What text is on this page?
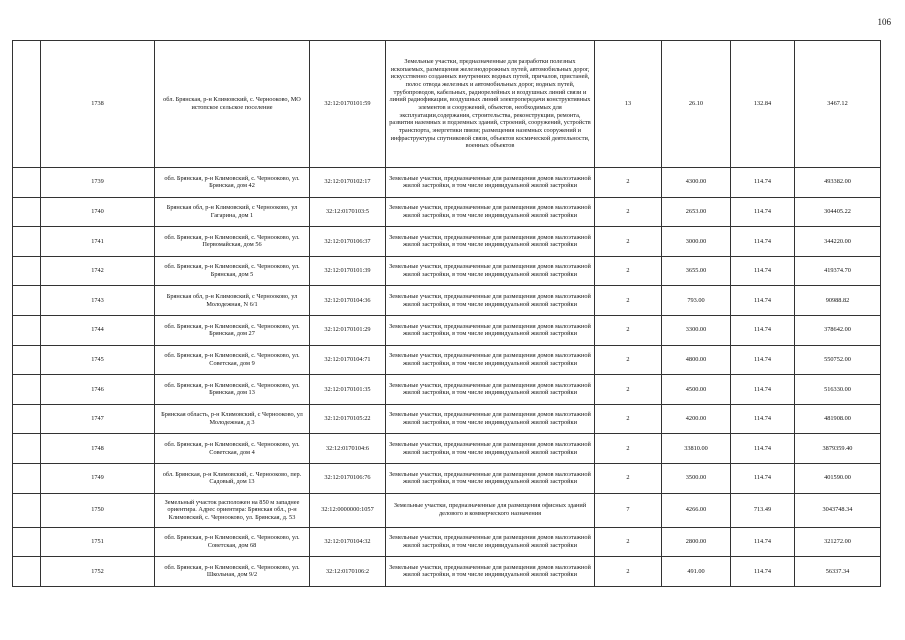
106
	1738	обл. Брянская, р-н Климовский, с. Чернооково, МО истопское сельское поселение	32:12:0170101:59	Земельные участки, предназначенные для разработки полезных ископаемых, размещения железнодорожных путей, автомобильных дорог, искусственно созданных внутренних водных путей, причалов, пристаней, полос отвода железных и автомобильных дорог, водных путей, трубопроводов, кабельных, радиорелейных и воздушных линий связи и линий радиофикации, воздушных линий электропередачи конструктивных элементов и сооружений, объектов, необходимых для эксплуатации,содержания, строительства, реконструкции, ремонта, развития наземных и подземных зданий, строений, сооружений, устройств транспорта, энергетики пвязи; размещения наземных сооружений и инфраструктуры спутниковой связи, объектов космической деятельности, военных объектов	13	26.10	132.84	3467.12
	1739	обл. Брянская, р-н Климовский, с. Чернооково, ул. Брянская, дом 42	32:12:0170102:17	Земельные участки, предназначенные для размещения домов малоэтажной жилой застройки, в том числе индивидуальной жилой застройки	2	4300.00	114.74	493382.00
	1740	Брянская обл, р-н Климовский, с Чернооково, ул Гагарина, дом 1	32:12:0170103:5	Земельные участки, предназначенные для размещения домов малоэтажной жилой застройки, в том числе индивидуальной жилой застройки	2	2653.00	114.74	304405.22
	1741	обл. Брянская, р-н Климовский, с. Чернооково, ул. Первомайская, дом 56	32:12:0170106:37	Земельные участки, предназначенные для размещения домов малоэтажной жилой застройки, в том числе индивидуальной жилой застройки	2	3000.00	114.74	344220.00
	1742	обл. Брянская, р-н Климовский, с. Чернооково, ул. Брянская, дом 5	32:12:0170101:39	Земельные участки, предназначенные для размещения домов малоэтажной жилой застройки, в том числе индивидуальной жилой застройки	2	3655.00	114.74	419374.70
	1743	Брянская обл, р-н Климовский, с Чернооково, ул Молодежная, N 6/1	32:12:0170104:36	Земельные участки, предназначенные для размещения домов малоэтажной жилой застройки, в том числе индивидуальной жилой застройки	2	793.00	114.74	90988.82
	1744	обл. Брянская, р-н Климовский, с. Чернооково, ул. Брянская, дом 27	32:12:0170101:29	Земельные участки, предназначенные для размещения домов малоэтажной жилой застройки, в том числе индивидуальной жилой застройки	2	3300.00	114.74	378642.00
	1745	обл. Брянская, р-н Климовский, с. Чернооково, ул. Советская, дом 9	32:12:0170104:71	Земельные участки, предназначенные для размещения домов малоэтажной жилой застройки, в том числе индивидуальной жилой застройки	2	4800.00	114.74	550752.00
	1746	обл. Брянская, р-н Климовский, с. Чернооково, ул. Брянская, дом 13	32:12:0170101:35	Земельные участки, предназначенные для размещения домов малоэтажной жилой застройки, в том числе индивидуальной жилой застройки	2	4500.00	114.74	516330.00
	1747	Брянская область, р-н Климовский, с Чернооково, ул Молодежная, д 3	32:12:0170105:22	Земельные участки, предназначенные для размещения домов малоэтажной жилой застройки, в том числе индивидуальной жилой застройки	2	4200.00	114.74	481908.00
	1748	обл. Брянская, р-н Климовский, с. Чернооково, ул. Советская, дом 4	32:12:0170104:6	Земельные участки, предназначенные для размещения домов малоэтажной жилой застройки, в том числе индивидуальной жилой застройки	2	33810.00	114.74	3879359.40
	1749	обл. Брянская, р-н Климовский, с. Чернооково, пер. Садовый, дом 13	32:12:0170106:76	Земельные участки, предназначенные для размещения домов малоэтажной жилой застройки, в том числе индивидуальной жилой застройки	2	3500.00	114.74	401590.00
	1750	Земельный участок расположен на 850 м западнее ориентира. Адрес ориентира: Брянская обл., р-н Климовский, с. Чернооково, ул. Брянская, д. 53	32:12:0000000:1057	Земельные участки, предназначенные для размещения офисных зданий делового и коммерческого назначения	7	4266.00	713.49	3043748.34
	1751	обл. Брянская, р-н Климовский, с. Чернооково, ул. Советская, дом 68	32:12:0170104:32	Земельные участки, предназначенные для размещения домов малоэтажной жилой застройки, в том числе индивидуальной жилой застройки	2	2800.00	114.74	321272.00
	1752	обл. Брянская, р-н Климовский, с. Чернооково, ул. Школьная, дом 9/2	32:12:0170106:2	Земельные участки, предназначенные для размещения домов малоэтажной жилой застройки, в том числе индивидуальной жилой застройки	2	491.00	114.74	56337.34
